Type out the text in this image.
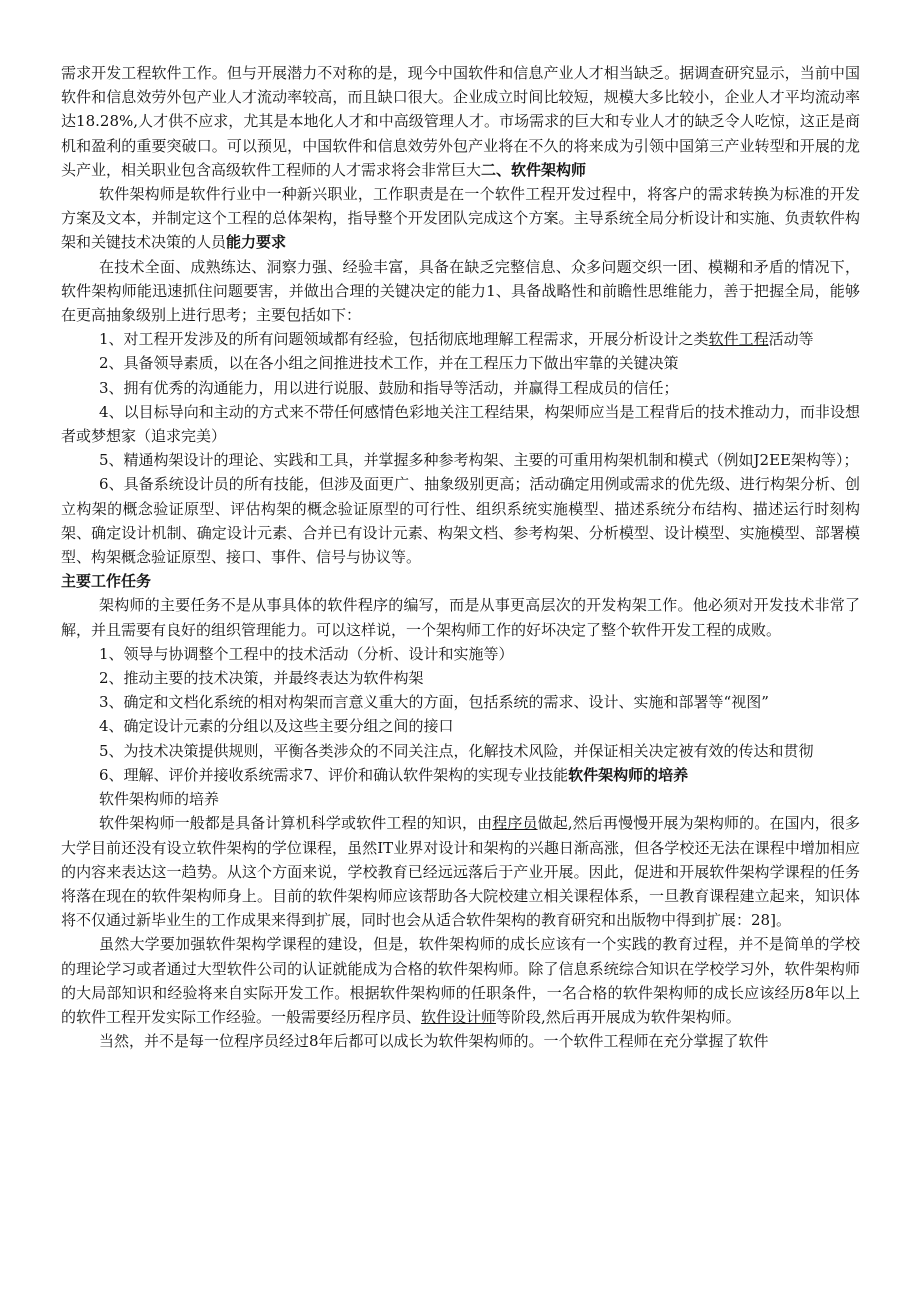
需求开发工程软件工作。但与开展潜力不对称的是，现今中国软件和信息产业人才相当缺乏。据调查研究显示，当前中国软件和信息效劳外包产业人才流动率较高，而且缺口很大。企业成立时间比较短，规模大多比较小，企业人才平均流动率达18.28%,人才供不应求，尤其是本地化人才和中高级管理人才。市场需求的巨大和专业人才的缺乏令人吃惊，这正是商机和盈利的重要突破口。可以预见，中国软件和信息效劳外包产业将在不久的将来成为引领中国第三产业转型和开展的龙头产业，相关职业包含高级软件工程师的人才需求将会非常巨大二、软件架构师

软件架构师是软件行业中一种新兴职业，工作职责是在一个软件工程开发过程中，将客户的需求转换为标准的开发方案及文本，并制定这个工程的总体架构，指导整个开发团队完成这个方案。主导系统全局分析设计和实施、负责软件构架和关键技术决策的人员能力要求

在技术全面、成熟练达、洞察力强、经验丰富，具备在缺乏完整信息、众多问题交织一团、模糊和矛盾的情况下，软件架构师能迅速抓住问题要害，并做出合理的关键决定的能力1、具备战略性和前瞻性思维能力，善于把握全局，能够在更高抽象级别上进行思考；主要包括如下：

1、对工程开发涉及的所有问题领域都有经验，包括彻底地理解工程需求，开展分析设计之类软件工程活动等

2、具备领导素质，以在各小组之间推进技术工作，并在工程压力下做出牢靠的关键决策

3、拥有优秀的沟通能力，用以进行说服、鼓励和指导等活动，并赢得工程成员的信任；

4、以目标导向和主动的方式来不带任何感情色彩地关注工程结果，构架师应当是工程背后的技术推动力，而非设想者或梦想家（追求完美）

5、精通构架设计的理论、实践和工具，并掌握多种参考构架、主要的可重用构架机制和模式（例如J2EE架构等）；

6、具备系统设计员的所有技能，但涉及面更广、抽象级别更高；活动确定用例或需求的优先级、进行构架分析、创立构架的概念验证原型、评估构架的概念验证原型的可行性、组织系统实施模型、描述系统分布结构、描述运行时刻构架、确定设计机制、确定设计元素、合并已有设计元素、构架文档、参考构架、分析模型、设计模型、实施模型、部署模型、构架概念验证原型、接口、事件、信号与协议等。

主要工作任务

架构师的主要任务不是从事具体的软件程序的编写，而是从事更高层次的开发构架工作。他必须对开发技术非常了解，并且需要有良好的组织管理能力。可以这样说，一个架构师工作的好坏决定了整个软件开发工程的成败。

1、领导与协调整个工程中的技术活动（分析、设计和实施等）

2、推动主要的技术决策，并最终表达为软件构架

3、确定和文档化系统的相对构架而言意义重大的方面，包括系统的需求、设计、实施和部署等“视图”

4、确定设计元素的分组以及这些主要分组之间的接口

5、为技术决策提供规则，平衡各类涉众的不同关注点，化解技术风险，并保证相关决定被有效的传达和贯彻

6、理解、评价并接收系统需求7、评价和确认软件架构的实现专业技能软件架构师的培养

软件架构师的培养

软件架构师一般都是具备计算机科学或软件工程的知识，由程序员做起,然后再慢慢开展为架构师的。在国内，很多大学目前还没有设立软件架构的学位课程，虽然IT业界对设计和架构的兴趣日渐高涨，但各学校还无法在课程中增加相应的内容来表达这一趋势。从这个方面来说，学校教育已经远远落后于产业开展。因此，促进和开展软件架构学课程的任务将落在现在的软件架构师身上。目前的软件架构师应该帮助各大院校建立相关课程体系，一旦教育课程建立起来，知识体将不仅通过新毕业生的工作成果来得到扩展，同时也会从适合软件架构的教育研究和出版物中得到扩展：28]。

虽然大学要加强软件架构学课程的建设，但是，软件架构师的成长应该有一个实践的教育过程，并不是简单的学校的理论学习或者通过大型软件公司的认证就能成为合格的软件架构师。除了信息系统综合知识在学校学习外，软件架构师的大局部知识和经验将来自实际开发工作。根据软件架构师的任职条件，一名合格的软件架构师的成长应该经历8年以上的软件工程开发实际工作经验。一般需要经历程序员、软件设计师等阶段,然后再开展成为软件架构师。

当然，并不是每一位程序员经过8年后都可以成长为软件架构师的。一个软件工程师在充分掌握了软件
